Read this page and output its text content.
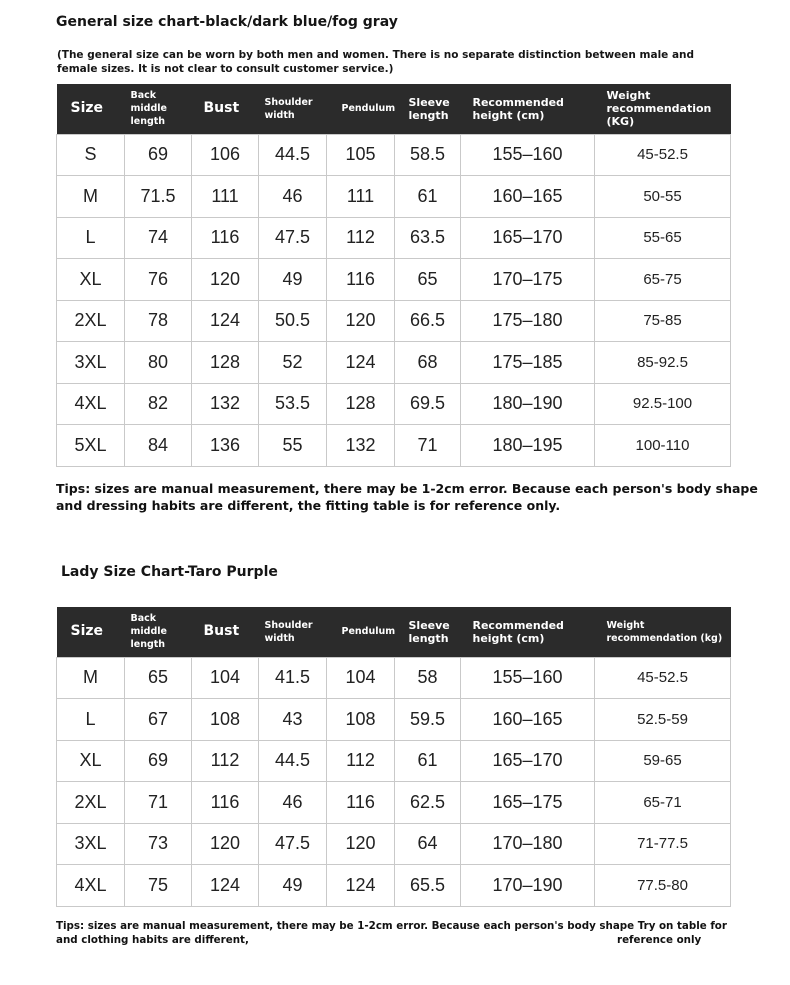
General size chart-black/dark blue/fog gray
(The general size can be worn by both men and women. There is no separate distinction between male and
female sizes. It is not clear to consult customer service.)
Size	Back middle length	Bust	Shoulder width	Pendulum	Sleeve length	Recommended height (cm)	Weight recommendation (KG)
S	69	106	44.5	105	58.5	155–160	45-52.5
M	71.5	111	46	111	61	160–165	50-55
L	74	116	47.5	112	63.5	165–170	55-65
XL	76	120	49	116	65	170–175	65-75
2XL	78	124	50.5	120	66.5	175–180	75-85
3XL	80	128	52	124	68	175–185	85-92.5
4XL	82	132	53.5	128	69.5	180–190	92.5-100
5XL	84	136	55	132	71	180–195	100-110
Tips: sizes are manual measurement, there may be 1-2cm error. Because each person's body shape
and dressing habits are different, the fitting table is for reference only.
Lady Size Chart-Taro Purple
Size	Back middle length	Bust	Shoulder width	Pendulum	Sleeve length	Recommended height (cm)	Weight recommendation (kg)
M	65	104	41.5	104	58	155–160	45-52.5
L	67	108	43	108	59.5	160–165	52.5-59
XL	69	112	44.5	112	61	165–170	59-65
2XL	71	116	46	116	62.5	165–175	65-71
3XL	73	120	47.5	120	64	170–180	71-77.5
4XL	75	124	49	124	65.5	170–190	77.5-80
Tips: sizes are manual measurement, there may be 1-2cm error. Because each person's body shape Try on table for
and clothing habits are different,	reference only
